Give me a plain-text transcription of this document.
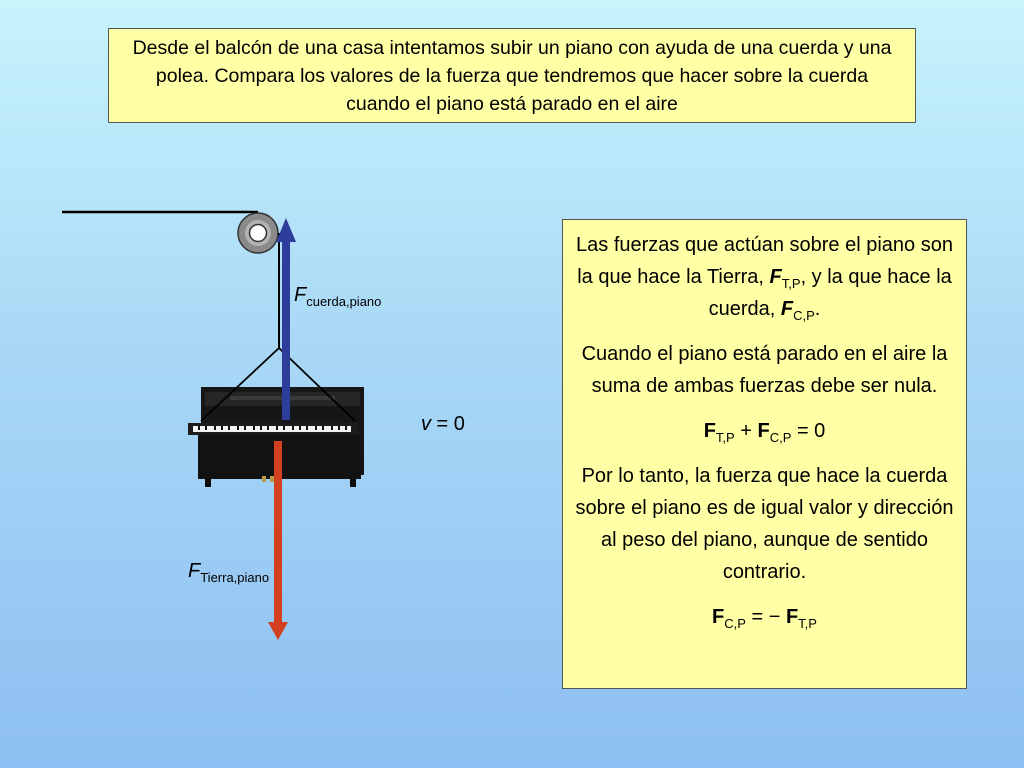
Desde el balcón de una casa intentamos subir un piano con ayuda de una cuerda y una polea. Compara los valores de la fuerza que tendremos que hacer sobre la cuerda cuando el piano está parado en el aire
$F_{cuerda,piano}$
$F_{Tierra,piano}$
v = 0

Las fuerzas que actúan sobre el piano son la que hace la Tierra, $F_{T,P}$, y la que hace la cuerda, $F_{C,P}$.

Cuando el piano está parado en el aire la suma de ambas fuerzas debe ser nula.

$F_{T,P} + F_{C,P} = 0$

Por lo tanto, la fuerza que hace la cuerda sobre el piano es de igual valor y dirección al peso del piano, aunque de sentido contrario.

$F_{C,P}$ = − $F_{T,P}$
